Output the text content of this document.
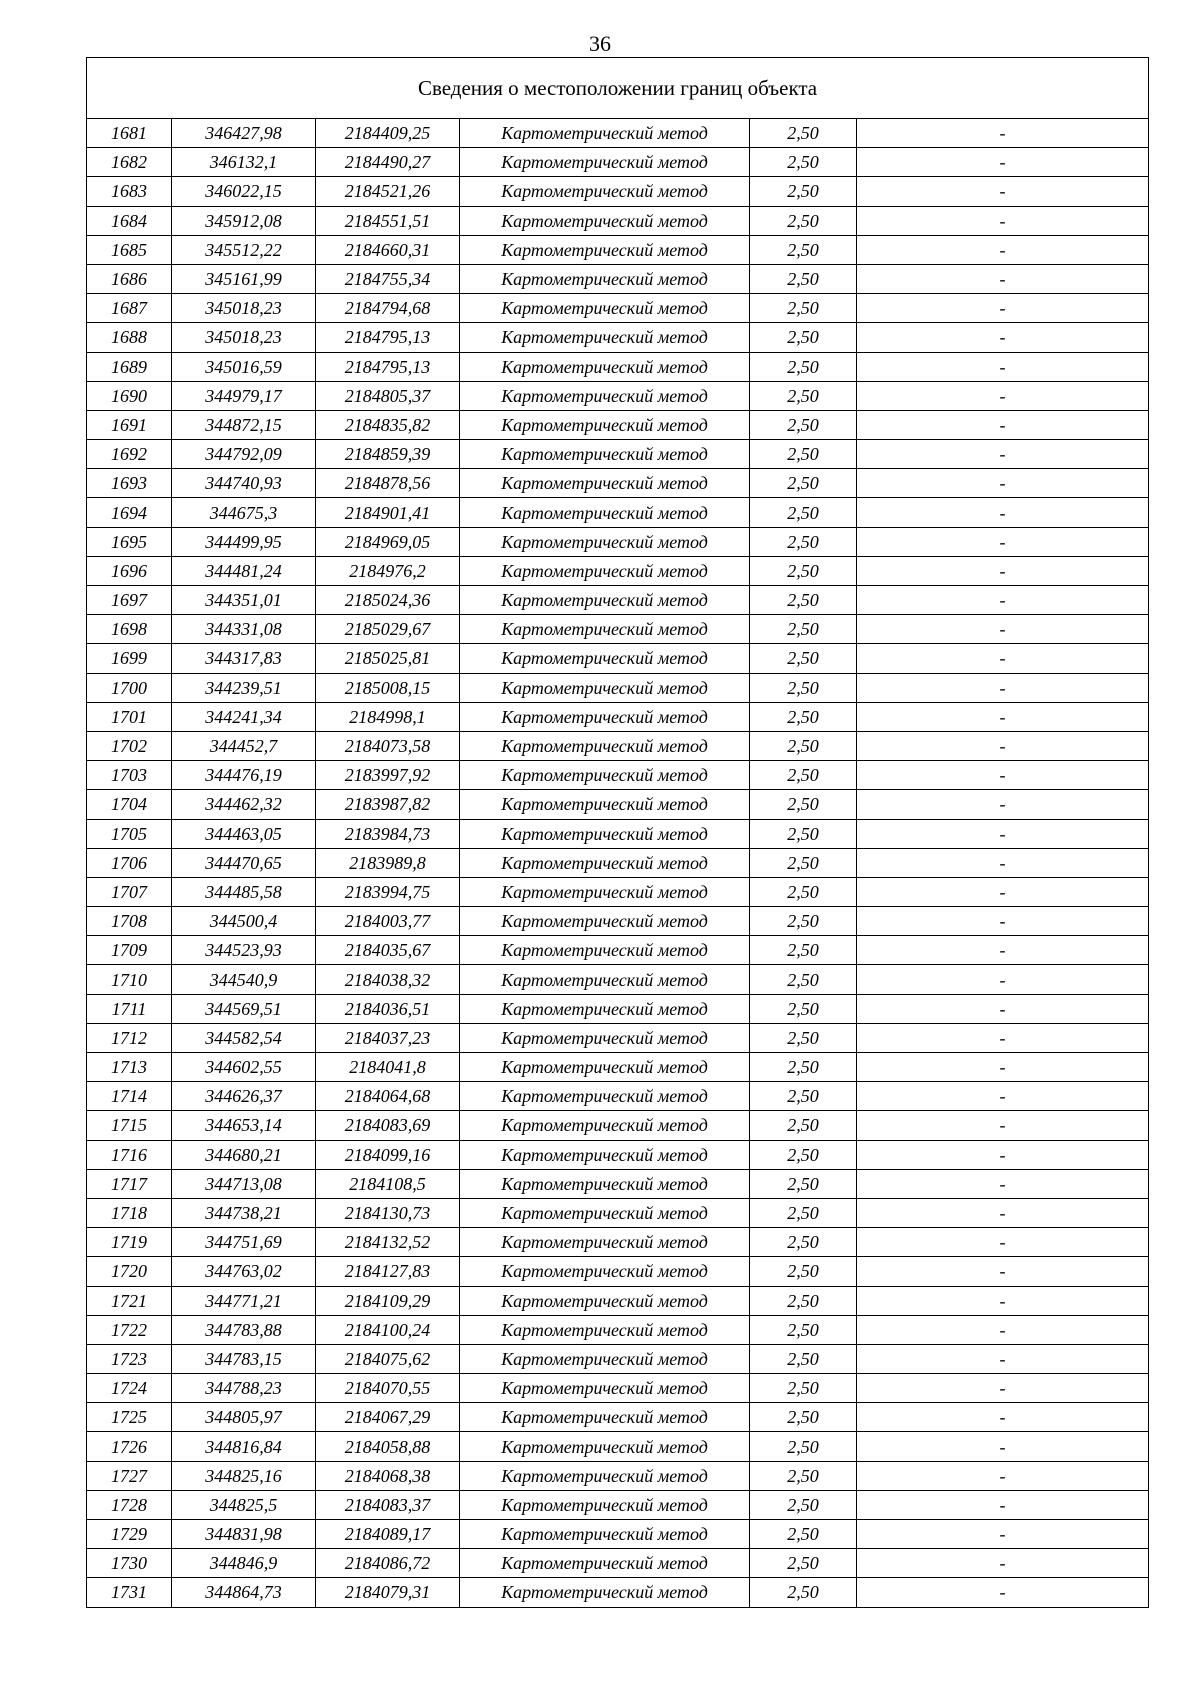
36
Сведения о местоположении границ объекта					
1681	346427,98	2184409,25	Картометрический метод	2,50	-
1682	346132,1	2184490,27	Картометрический метод	2,50	-
1683	346022,15	2184521,26	Картометрический метод	2,50	-
1684	345912,08	2184551,51	Картометрический метод	2,50	-
1685	345512,22	2184660,31	Картометрический метод	2,50	-
1686	345161,99	2184755,34	Картометрический метод	2,50	-
1687	345018,23	2184794,68	Картометрический метод	2,50	-
1688	345018,23	2184795,13	Картометрический метод	2,50	-
1689	345016,59	2184795,13	Картометрический метод	2,50	-
1690	344979,17	2184805,37	Картометрический метод	2,50	-
1691	344872,15	2184835,82	Картометрический метод	2,50	-
1692	344792,09	2184859,39	Картометрический метод	2,50	-
1693	344740,93	2184878,56	Картометрический метод	2,50	-
1694	344675,3	2184901,41	Картометрический метод	2,50	-
1695	344499,95	2184969,05	Картометрический метод	2,50	-
1696	344481,24	2184976,2	Картометрический метод	2,50	-
1697	344351,01	2185024,36	Картометрический метод	2,50	-
1698	344331,08	2185029,67	Картометрический метод	2,50	-
1699	344317,83	2185025,81	Картометрический метод	2,50	-
1700	344239,51	2185008,15	Картометрический метод	2,50	-
1701	344241,34	2184998,1	Картометрический метод	2,50	-
1702	344452,7	2184073,58	Картометрический метод	2,50	-
1703	344476,19	2183997,92	Картометрический метод	2,50	-
1704	344462,32	2183987,82	Картометрический метод	2,50	-
1705	344463,05	2183984,73	Картометрический метод	2,50	-
1706	344470,65	2183989,8	Картометрический метод	2,50	-
1707	344485,58	2183994,75	Картометрический метод	2,50	-
1708	344500,4	2184003,77	Картометрический метод	2,50	-
1709	344523,93	2184035,67	Картометрический метод	2,50	-
1710	344540,9	2184038,32	Картометрический метод	2,50	-
1711	344569,51	2184036,51	Картометрический метод	2,50	-
1712	344582,54	2184037,23	Картометрический метод	2,50	-
1713	344602,55	2184041,8	Картометрический метод	2,50	-
1714	344626,37	2184064,68	Картометрический метод	2,50	-
1715	344653,14	2184083,69	Картометрический метод	2,50	-
1716	344680,21	2184099,16	Картометрический метод	2,50	-
1717	344713,08	2184108,5	Картометрический метод	2,50	-
1718	344738,21	2184130,73	Картометрический метод	2,50	-
1719	344751,69	2184132,52	Картометрический метод	2,50	-
1720	344763,02	2184127,83	Картометрический метод	2,50	-
1721	344771,21	2184109,29	Картометрический метод	2,50	-
1722	344783,88	2184100,24	Картометрический метод	2,50	-
1723	344783,15	2184075,62	Картометрический метод	2,50	-
1724	344788,23	2184070,55	Картометрический метод	2,50	-
1725	344805,97	2184067,29	Картометрический метод	2,50	-
1726	344816,84	2184058,88	Картометрический метод	2,50	-
1727	344825,16	2184068,38	Картометрический метод	2,50	-
1728	344825,5	2184083,37	Картометрический метод	2,50	-
1729	344831,98	2184089,17	Картометрический метод	2,50	-
1730	344846,9	2184086,72	Картометрический метод	2,50	-
1731	344864,73	2184079,31	Картометрический метод	2,50	-
